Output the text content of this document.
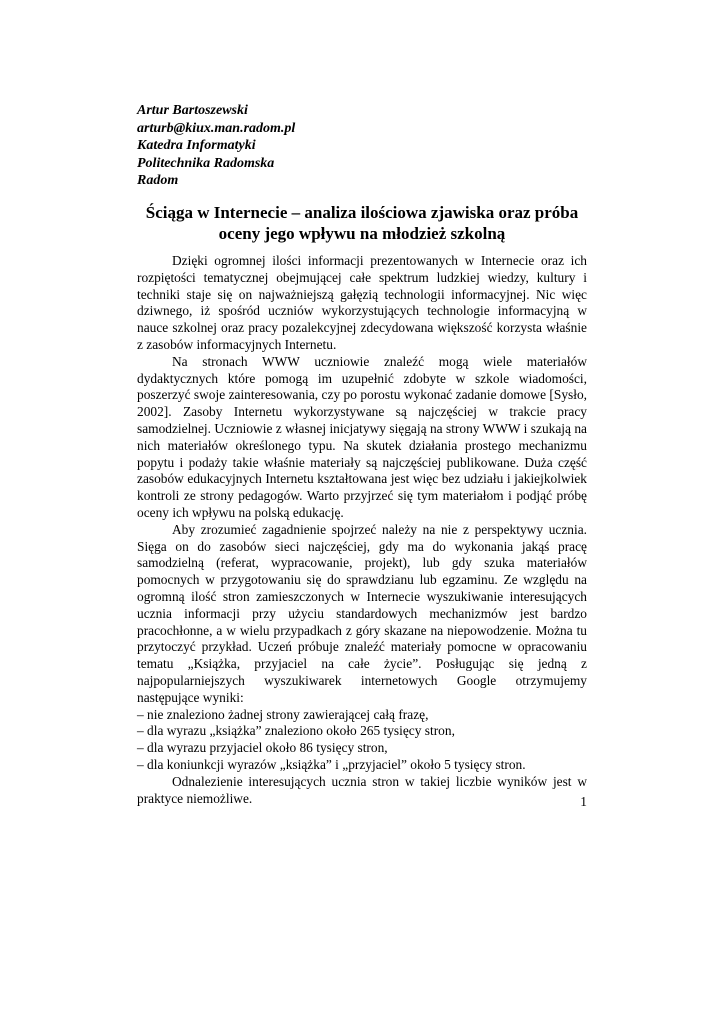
Artur Bartoszewski
arturb@kiux.man.radom.pl
Katedra Informatyki
Politechnika Radomska
Radom
Ściąga w Internecie – analiza ilościowa zjawiska oraz próba oceny jego wpływu na młodzież szkolną

Dzięki ogromnej ilości informacji prezentowanych w Internecie oraz ich rozpiętości tematycznej obejmującej całe spektrum ludzkiej wiedzy, kultury i techniki staje się on najważniejszą gałęzią technologii informacyjnej. Nic więc dziwnego, iż spośród uczniów wykorzystujących technologie informacyjną w nauce szkolnej oraz pracy pozalekcyjnej zdecydowana większość korzysta właśnie z zasobów informacyjnych Internetu.

Na stronach WWW uczniowie znaleźć mogą wiele materiałów dydaktycznych które pomogą im uzupełnić zdobyte w szkole wiadomości, poszerzyć swoje zainteresowania, czy po porostu wykonać zadanie domowe [Sysło, 2002]. Zasoby Internetu wykorzystywane są najczęściej w trakcie pracy samodzielnej. Uczniowie z własnej inicjatywy sięgają na strony WWW i szukają na nich materiałów określonego typu. Na skutek działania prostego mechanizmu popytu i podaży takie właśnie materiały są najczęściej publikowane. Duża część zasobów edukacyjnych Internetu kształtowana jest więc bez udziału i jakiejkolwiek kontroli ze strony pedagogów. Warto przyjrzeć się tym materiałom i podjąć próbę oceny ich wpływu na polską edukację.

Aby zrozumieć zagadnienie spojrzeć należy na nie z perspektywy ucznia. Sięga on do zasobów sieci najczęściej, gdy ma do wykonania jakąś pracę samodzielną (referat, wypracowanie, projekt), lub gdy szuka materiałów pomocnych w przygotowaniu się do sprawdzianu lub egzaminu. Ze względu na ogromną ilość stron zamieszczonych w Internecie wyszukiwanie interesujących ucznia informacji przy użyciu standardowych mechanizmów jest bardzo pracochłonne, a w wielu przypadkach z góry skazane na niepowodzenie. Można tu przytoczyć przykład. Uczeń próbuje znaleźć materiały pomocne w opracowaniu tematu „Książka, przyjaciel na całe życie”. Posługując się jedną z najpopularniejszych wyszukiwarek internetowych Google otrzymujemy następujące wyniki:

– nie znaleziono żadnej strony zawierającej całą frazę,

– dla wyrazu „książka” znaleziono około 265 tysięcy stron,

– dla wyrazu przyjaciel około 86 tysięcy stron,

– dla koniunkcji wyrazów „książka” i „przyjaciel” około 5 tysięcy stron.

Odnalezienie interesujących ucznia stron w takiej liczbie wyników jest w praktyce niemożliwe.	1
